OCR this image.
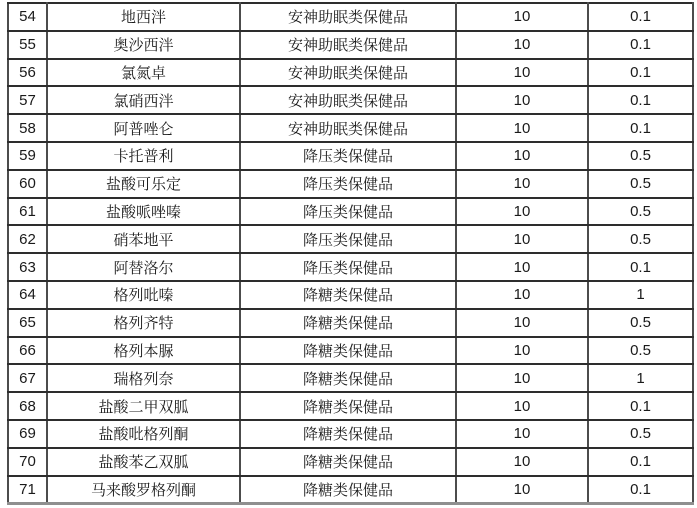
54	地西泮	安神助眠类保健品	10	0.1
55	奥沙西泮	安神助眠类保健品	10	0.1
56	氯氮卓	安神助眠类保健品	10	0.1
57	氯硝西泮	安神助眠类保健品	10	0.1
58	阿普唑仑	安神助眠类保健品	10	0.1
59	卡托普利	降压类保健品	10	0.5
60	盐酸可乐定	降压类保健品	10	0.5
61	盐酸哌唑嗪	降压类保健品	10	0.5
62	硝苯地平	降压类保健品	10	0.5
63	阿替洛尔	降压类保健品	10	0.1
64	格列吡嗪	降糖类保健品	10	1
65	格列齐特	降糖类保健品	10	0.5
66	格列本脲	降糖类保健品	10	0.5
67	瑞格列奈	降糖类保健品	10	1
68	盐酸二甲双胍	降糖类保健品	10	0.1
69	盐酸吡格列酮	降糖类保健品	10	0.5
70	盐酸苯乙双胍	降糖类保健品	10	0.1
71	马来酸罗格列酮	降糖类保健品	10	0.1
